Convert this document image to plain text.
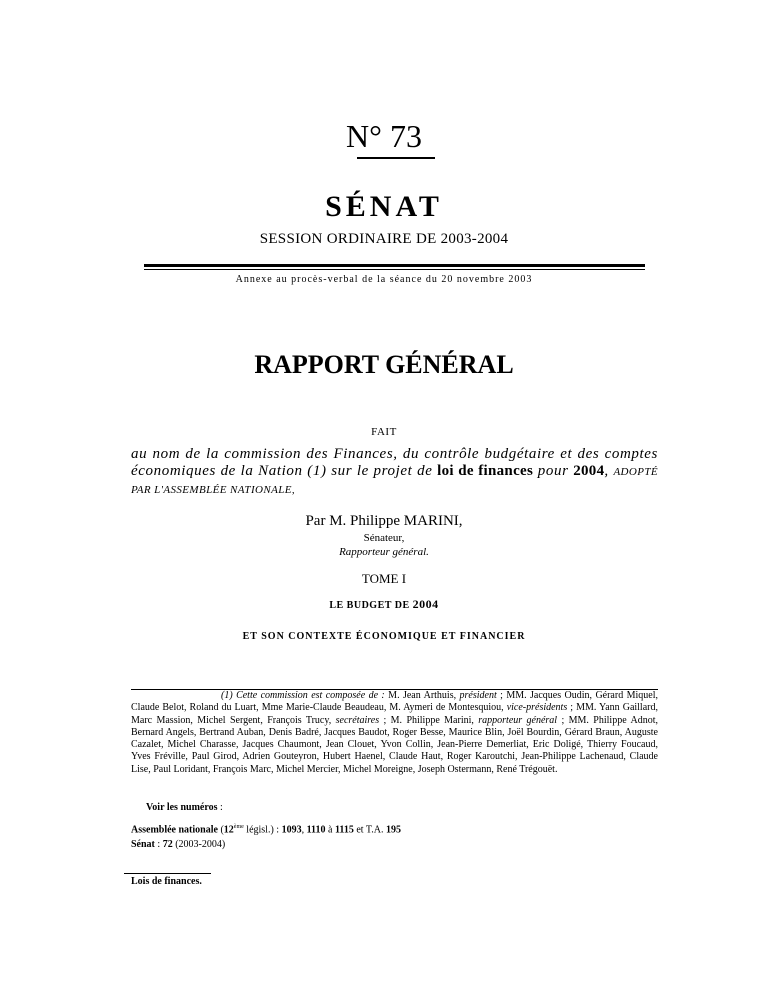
N° 73
SÉNAT
SESSION ORDINAIRE DE 2003-2004
Annexe au procès-verbal de la séance du 20 novembre 2003
RAPPORT GÉNÉRAL
FAIT
au nom de la commission des Finances, du contrôle budgétaire et des comptes économiques de la Nation (1) sur le projet de loi de finances pour 2004, ADOPTÉ PAR L'ASSEMBLÉE NATIONALE,
Par M. Philippe MARINI,
Sénateur,
Rapporteur général.
TOME I
LE BUDGET DE 2004
ET SON CONTEXTE ÉCONOMIQUE ET FINANCIER
(1) Cette commission est composée de : M. Jean Arthuis, président ; MM. Jacques Oudin, Gérard Miquel, Claude Belot, Roland du Luart, Mme Marie-Claude Beaudeau, M. Aymeri de Montesquiou, vice-présidents ; MM. Yann Gaillard, Marc Massion, Michel Sergent, François Trucy, secrétaires ; M. Philippe Marini, rapporteur général ; MM. Philippe Adnot, Bernard Angels, Bertrand Auban, Denis Badré, Jacques Baudot, Roger Besse, Maurice Blin, Joël Bourdin, Gérard Braun, Auguste Cazalet, Michel Charasse, Jacques Chaumont, Jean Clouet, Yvon Collin, Jean-Pierre Demerliat, Eric Doligé, Thierry Foucaud, Yves Fréville, Paul Girod, Adrien Gouteyron, Hubert Haenel, Claude Haut, Roger Karoutchi, Jean-Philippe Lachenaud, Claude Lise, Paul Loridant, François Marc, Michel Mercier, Michel Moreigne, Joseph Ostermann, René Trégouët.
Voir les numéros :
Assemblée nationale (12ème législ.) : 1093, 1110 à 1115 et T.A. 195
Sénat : 72 (2003-2004)
Lois de finances.
